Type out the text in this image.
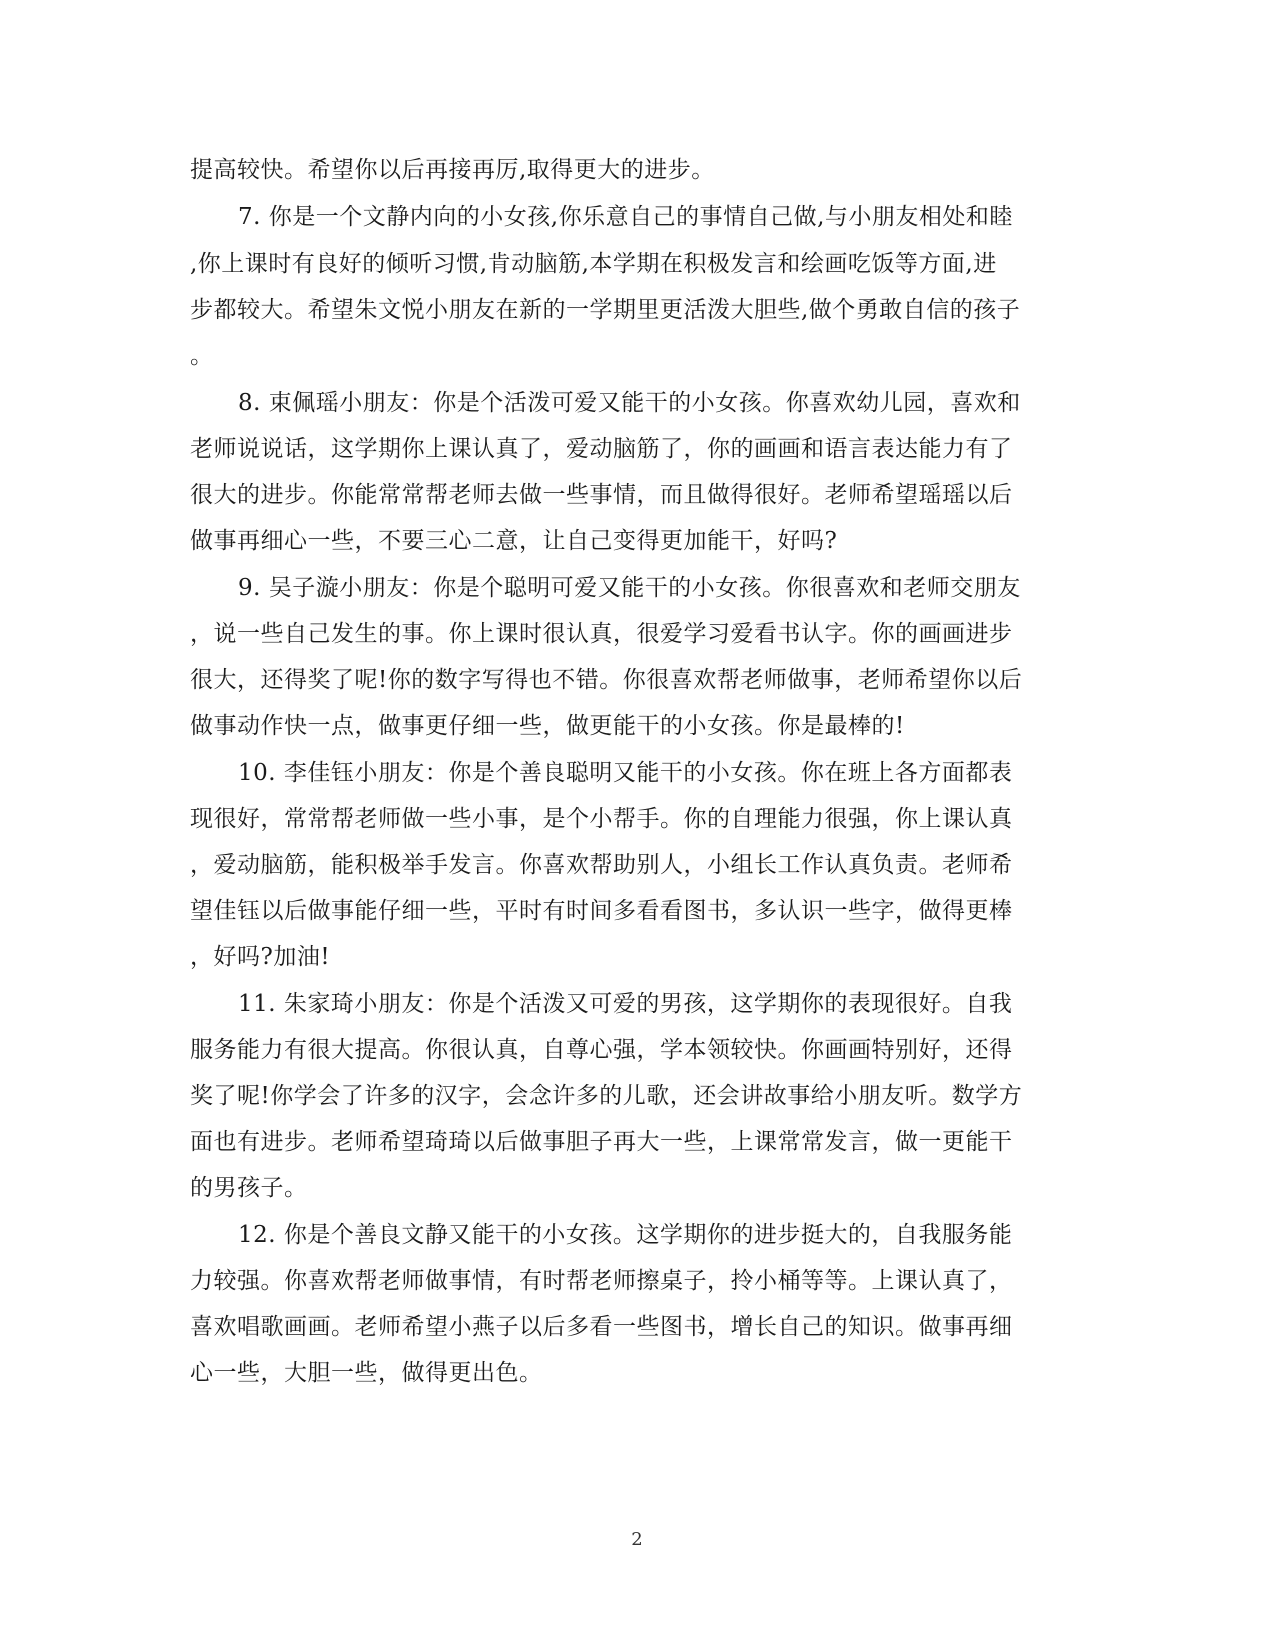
提高较快。希望你以后再接再厉,取得更大的进步。
7. 你是一个文静内向的小女孩,你乐意自己的事情自己做,与小朋友相处和睦
,你上课时有良好的倾听习惯,肯动脑筋,本学期在积极发言和绘画吃饭等方面,进
步都较大。希望朱文悦小朋友在新的一学期里更活泼大胆些,做个勇敢自信的孩子
。
8. 束佩瑶小朋友：你是个活泼可爱又能干的小女孩。你喜欢幼儿园，喜欢和
老师说说话，这学期你上课认真了，爱动脑筋了，你的画画和语言表达能力有了
很大的进步。你能常常帮老师去做一些事情，而且做得很好。老师希望瑶瑶以后
做事再细心一些，不要三心二意，让自己变得更加能干，好吗?
9. 吴子漩小朋友：你是个聪明可爱又能干的小女孩。你很喜欢和老师交朋友
，说一些自己发生的事。你上课时很认真，很爱学习爱看书认字。你的画画进步
很大，还得奖了呢!你的数字写得也不错。你很喜欢帮老师做事，老师希望你以后
做事动作快一点，做事更仔细一些，做更能干的小女孩。你是最棒的!
10. 李佳钰小朋友：你是个善良聪明又能干的小女孩。你在班上各方面都表
现很好，常常帮老师做一些小事，是个小帮手。你的自理能力很强，你上课认真
，爱动脑筋，能积极举手发言。你喜欢帮助别人，小组长工作认真负责。老师希
望佳钰以后做事能仔细一些，平时有时间多看看图书，多认识一些字，做得更棒
，好吗?加油!
11. 朱家琦小朋友：你是个活泼又可爱的男孩，这学期你的表现很好。自我
服务能力有很大提高。你很认真，自尊心强，学本领较快。你画画特别好，还得
奖了呢!你学会了许多的汉字，会念许多的儿歌，还会讲故事给小朋友听。数学方
面也有进步。老师希望琦琦以后做事胆子再大一些，上课常常发言，做一更能干
的男孩子。
12. 你是个善良文静又能干的小女孩。这学期你的进步挺大的，自我服务能
力较强。你喜欢帮老师做事情，有时帮老师擦桌子，拎小桶等等。上课认真了，
喜欢唱歌画画。老师希望小燕子以后多看一些图书，增长自己的知识。做事再细
心一些，大胆一些，做得更出色。
2
